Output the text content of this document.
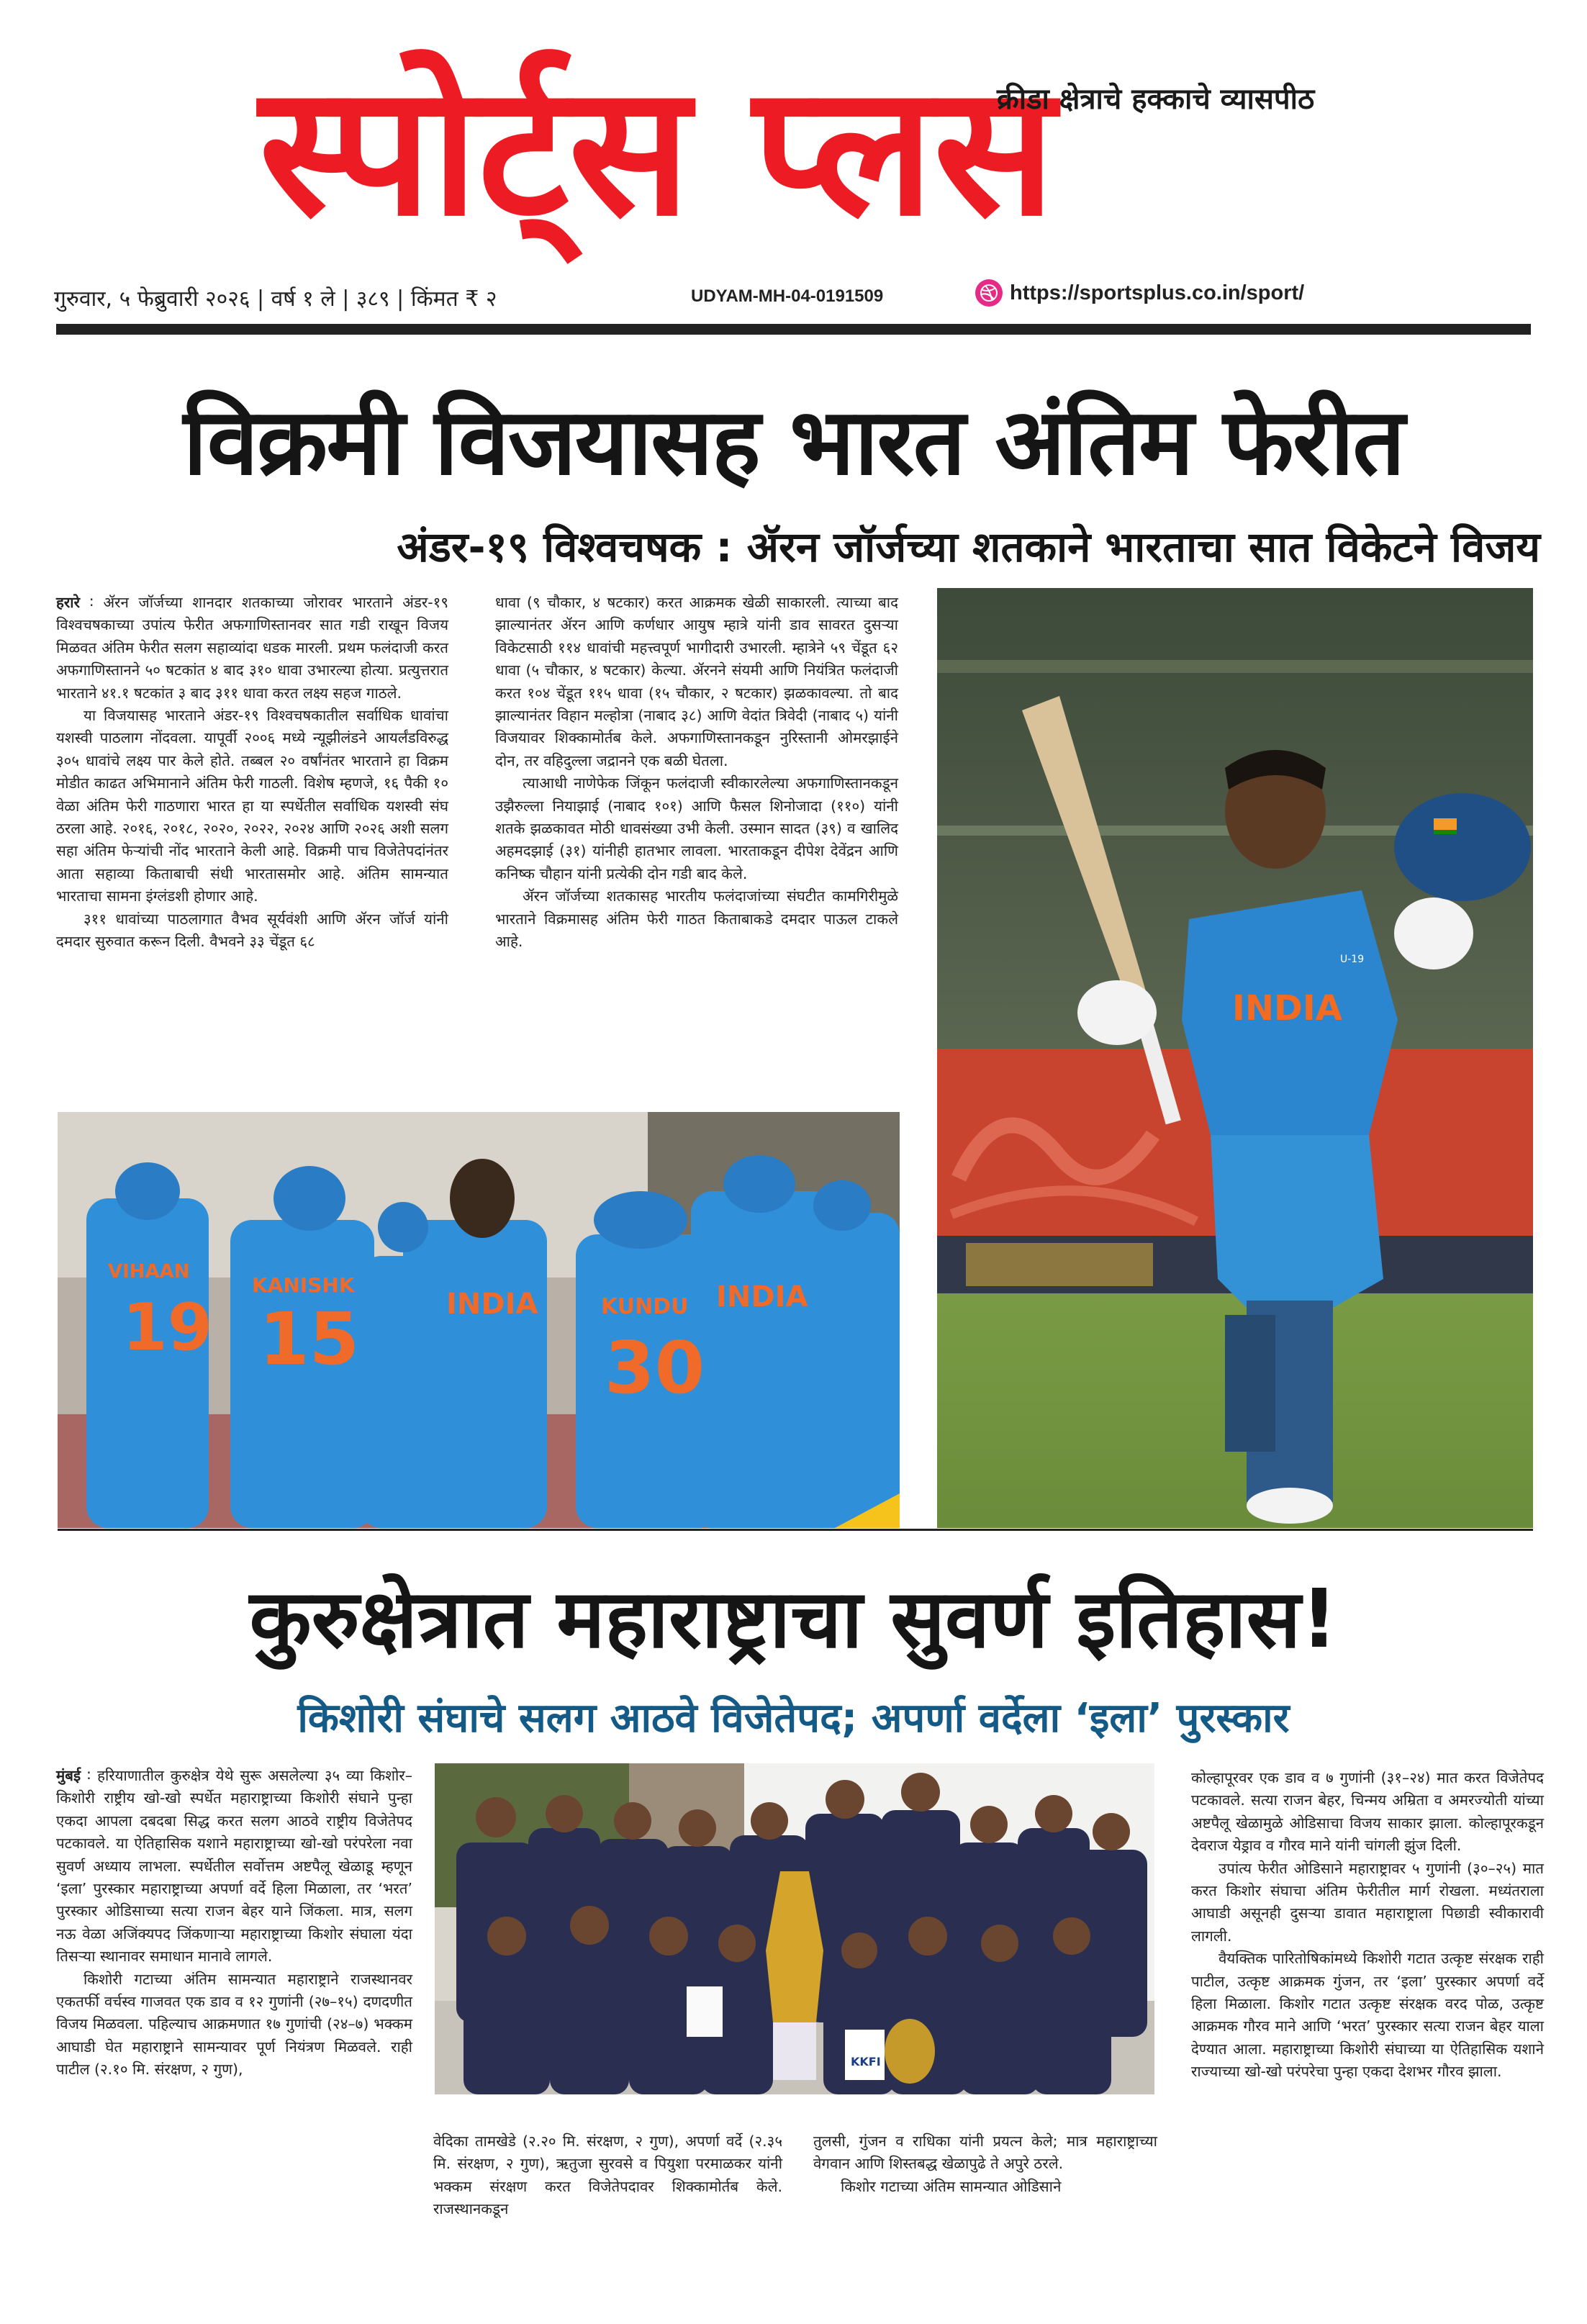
स्पोर्ट्स प्लस
क्रीडा क्षेत्राचे हक्काचे व्यासपीठ
गुरुवार, ५ फेब्रुवारी २०२६ | वर्ष १ ले | ३८९ | किंमत ₹ २	UDYAM-MH-04-0191509	https://sportsplus.co.in/sport/
विक्रमी विजयासह भारत अंतिम फेरीत
अंडर-१९ विश्वचषक : ॲरन जॉर्जच्या शतकाने भारताचा सात विकेटने विजय

हरारे ∶ ॲरन जॉर्जच्या शानदार शतकाच्या जोरावर भारताने अंडर-१९ विश्वचषकाच्या उपांत्य फेरीत अफगाणिस्तानवर सात गडी राखून विजय मिळवत अंतिम फेरीत सलग सहाव्यांदा धडक मारली. प्रथम फलंदाजी करत अफगाणिस्तानने ५० षटकांत ४ बाद ३१० धावा उभारल्या होत्या. प्रत्युत्तरात भारताने ४१.१ षटकांत ३ बाद ३११ धावा करत लक्ष्य सहज गाठले.

या विजयासह भारताने अंडर-१९ विश्वचषकातील सर्वाधिक धावांचा यशस्वी पाठलाग नोंदवला. यापूर्वी २००६ मध्ये न्यूझीलंडने आयर्लंडविरुद्ध ३०५ धावांचे लक्ष्य पार केले होते. तब्बल २० वर्षांनंतर भारताने हा विक्रम मोडीत काढत अभिमानाने अंतिम फेरी गाठली. विशेष म्हणजे, १६ पैकी १० वेळा अंतिम फेरी गाठणारा भारत हा या स्पर्धेतील सर्वाधिक यशस्वी संघ ठरला आहे. २०१६, २०१८, २०२०, २०२२, २०२४ आणि २०२६ अशी सलग सहा अंतिम फेऱ्यांची नोंद भारताने केली आहे. विक्रमी पाच विजेतेपदांनंतर आता सहाव्या किताबाची संधी भारतासमोर आहे. अंतिम सामन्यात भारताचा सामना इंग्लंडशी होणार आहे.

३११ धावांच्या पाठलागात वैभव सूर्यवंशी आणि ॲरन जॉर्ज यांनी दमदार सुरुवात करून दिली. वैभवने ३३ चेंडूत ६८

धावा (९ चौकार, ४ षटकार) करत आक्रमक खेळी साकारली. त्याच्या बाद झाल्यानंतर ॲरन आणि कर्णधार आयुष म्हात्रे यांनी डाव सावरत दुसऱ्या विकेटसाठी ११४ धावांची महत्त्वपूर्ण भागीदारी उभारली. म्हात्रेने ५९ चेंडूत ६२ धावा (५ चौकार, ४ षटकार) केल्या. ॲरनने संयमी आणि नियंत्रित फलंदाजी करत १०४ चेंडूत ११५ धावा (१५ चौकार, २ षटकार) झळकावल्या. तो बाद झाल्यानंतर विहान मल्होत्रा (नाबाद ३८) आणि वेदांत त्रिवेदी (नाबाद ५) यांनी विजयावर शिक्कामोर्तब केले. अफगाणिस्तानकडून नुरिस्तानी ओमरझाईने दोन, तर वहिदुल्ला जद्रानने एक बळी घेतला.

त्याआधी नाणेफेक जिंकून फलंदाजी स्वीकारलेल्या अफगाणिस्तानकडून उझैरुल्ला नियाझाई (नाबाद १०१) आणि फैसल शिनोजादा (११०) यांनी शतके झळकावत मोठी धावसंख्या उभी केली. उस्मान सादत (३९) व खालिद अहमदझाई (३१) यांनीही हातभार लावला. भारताकडून दीपेश देवेंद्रन आणि कनिष्क चौहान यांनी प्रत्येकी दोन गडी बाद केले.

ॲरन जॉर्जच्या शतकासह भारतीय फलंदाजांच्या संघटीत कामगिरीमुळे भारताने विक्रमासह अंतिम फेरी गाठत किताबाकडे दमदार पाऊल टाकले आहे.

INDIA
U-19
VIHAAN
19
KANISHK
15	INDIA	KUNDU
30
INDIA
कुरुक्षेत्रात महाराष्ट्राचा सुवर्ण इतिहास!
किशोरी संघाचे सलग आठवे विजेतेपद; अपर्णा वर्देला ‘इला’ पुरस्कार

मुंबई ∶ हरियाणातील कुरुक्षेत्र येथे सुरू असलेल्या ३५ व्या किशोर–किशोरी राष्ट्रीय खो-खो स्पर्धेत महाराष्ट्राच्या किशोरी संघाने पुन्हा एकदा आपला दबदबा सिद्ध करत सलग आठवे राष्ट्रीय विजेतेपद पटकावले. या ऐतिहासिक यशाने महाराष्ट्राच्या खो-खो परंपरेला नवा सुवर्ण अध्याय लाभला. स्पर्धेतील सर्वोत्तम अष्टपैलू खेळाडू म्हणून ‘इला’ पुरस्कार महाराष्ट्राच्या अपर्णा वर्दे हिला मिळाला, तर ‘भरत’ पुरस्कार ओडिसाच्या सत्या राजन बेहर याने जिंकला. मात्र, सलग नऊ वेळा अजिंक्यपद जिंकणाऱ्या महाराष्ट्राच्या किशोर संघाला यंदा तिसऱ्या स्थानावर समाधान मानावे लागले.

किशोरी गटाच्या अंतिम सामन्यात महाराष्ट्राने राजस्थानवर एकतर्फी वर्चस्व गाजवत एक डाव व १२ गुणांनी (२७–१५) दणदणीत विजय मिळवला. पहिल्याच आक्रमणात १७ गुणांची (२४–७) भक्कम आघाडी घेत महाराष्ट्राने सामन्यावर पूर्ण नियंत्रण मिळवले. राही पाटील (२.१० मि. संरक्षण, २ गुण),	KKFI

वेदिका तामखेडे (२.२० मि. संरक्षण, २ गुण), अपर्णा वर्दे (२.३५ मि. संरक्षण, २ गुण), ऋतुजा सुरवसे व पियुशा परमाळकर यांनी भक्कम संरक्षण करत विजेतेपदावर शिक्कामोर्तब केले. राजस्थानकडून

तुलसी, गुंजन व राधिका यांनी प्रयत्न केले; मात्र महाराष्ट्राच्या वेगवान आणि शिस्तबद्ध खेळापुढे ते अपुरे ठरले.

किशोर गटाच्या अंतिम सामन्यात ओडिसाने

कोल्हापूरवर एक डाव व ७ गुणांनी (३१–२४) मात करत विजेतेपद पटकावले. सत्या राजन बेहर, चिन्मय अम्रिता व अमरज्योती यांच्या अष्टपैलू खेळामुळे ओडिसाचा विजय साकार झाला. कोल्हापूरकडून देवराज येड्राव व गौरव माने यांनी चांगली झुंज दिली.

उपांत्य फेरीत ओडिसाने महाराष्ट्रावर ५ गुणांनी (३०–२५) मात करत किशोर संघाचा अंतिम फेरीतील मार्ग रोखला. मध्यंतराला आघाडी असूनही दुसऱ्या डावात महाराष्ट्राला पिछाडी स्वीकारावी लागली.

वैयक्तिक पारितोषिकांमध्ये किशोरी गटात उत्कृष्ट संरक्षक राही पाटील, उत्कृष्ट आक्रमक गुंजन, तर ‘इला’ पुरस्कार अपर्णा वर्दे हिला मिळाला. किशोर गटात उत्कृष्ट संरक्षक वरद पोळ, उत्कृष्ट आक्रमक गौरव माने आणि ‘भरत’ पुरस्कार सत्या राजन बेहर याला देण्यात आला. महाराष्ट्राच्या किशोरी संघाच्या या ऐतिहासिक यशाने राज्याच्या खो-खो परंपरेचा पुन्हा एकदा देशभर गौरव झाला.
